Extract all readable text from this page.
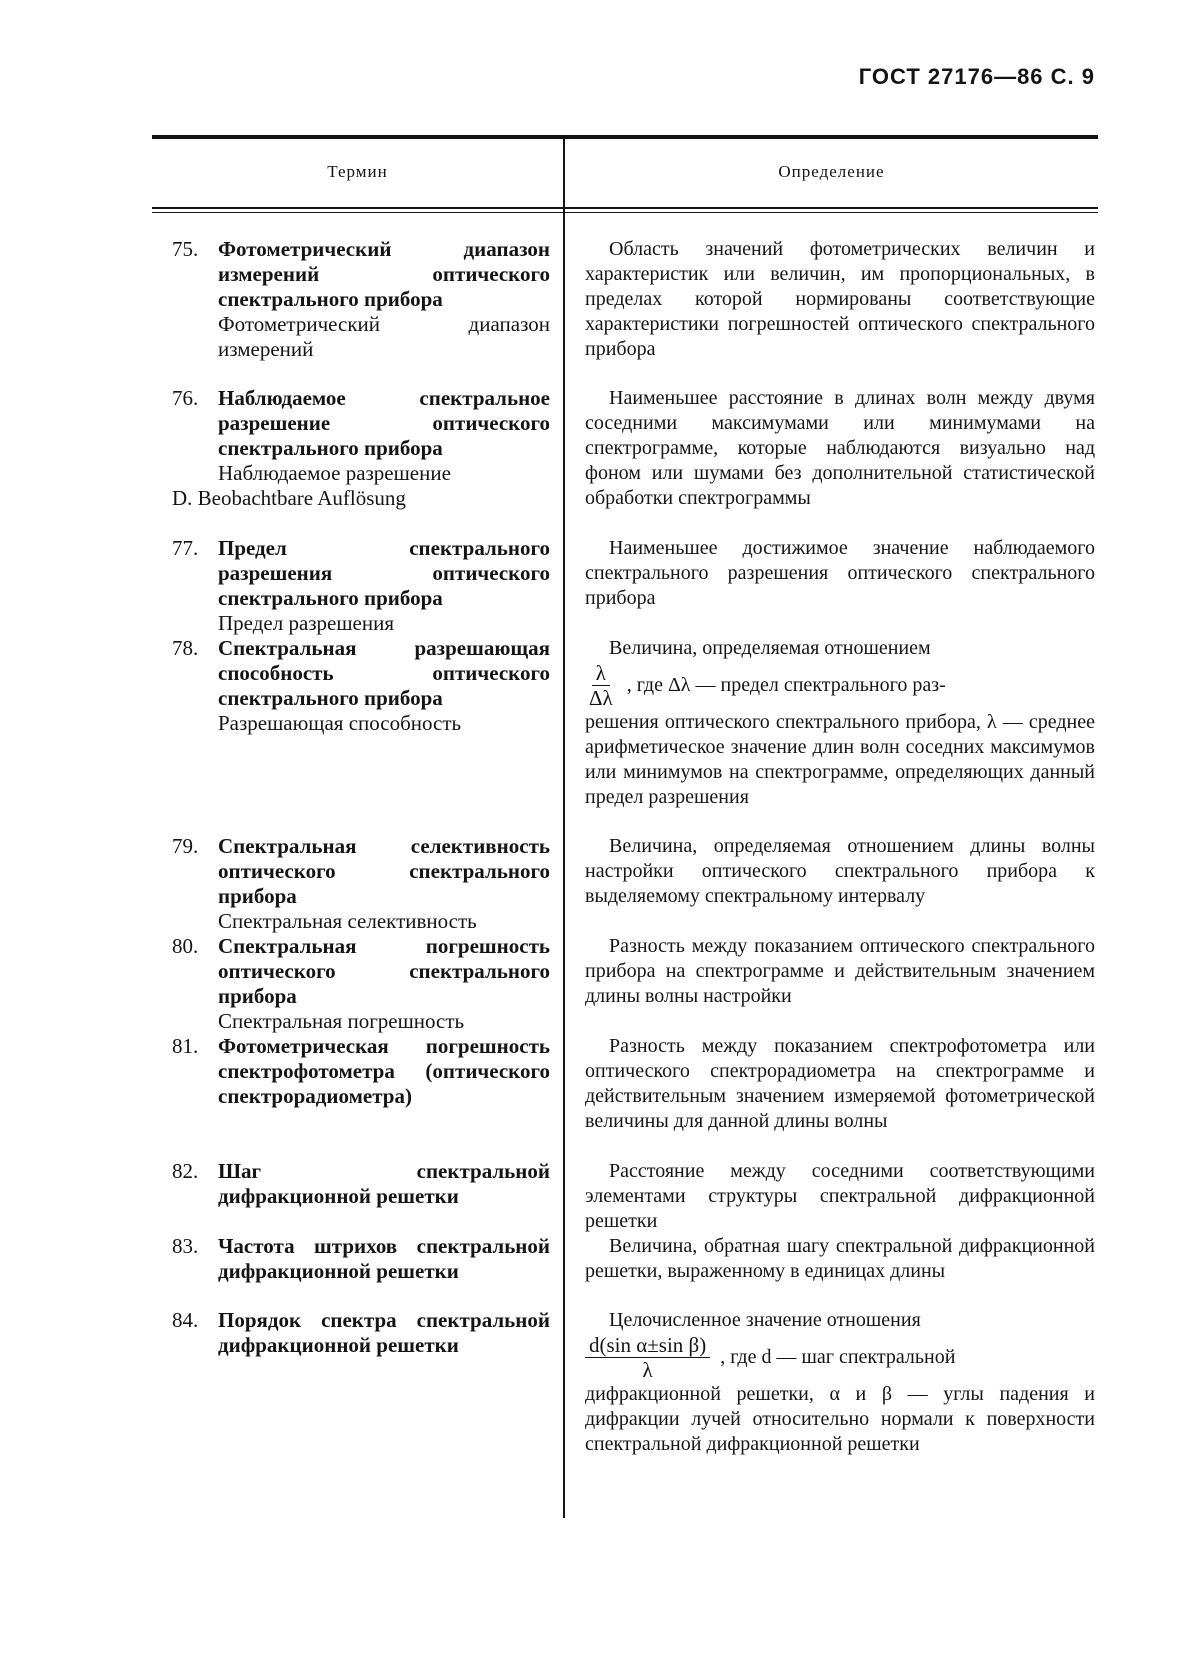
ГОСТ 27176—86 С. 9
Термин	Определение
75. Фотометрический диапазон измерений оптического спектрального прибора
Фотометрический диапазон измерений
Область значений фотометрических величин и характеристик или величин, им пропорциональных, в пределах которой нормированы соответствующие характеристики погрешностей оптического спектрального прибора
76. Наблюдаемое спектральное разрешение оптического спектрального прибора
Наблюдаемое разрешение
D. Beobachtbare Auflösung
Наименьшее расстояние в длинах волн между двумя соседними максимумами или минимумами на спектрограмме, которые наблюдаются визуально над фоном или шумами без дополнительной статистической обработки спектрограммы
77. Предел спектрального разрешения оптического спектрального прибора
Предел разрешения
Наименьшее достижимое значение наблюдаемого спектрального разрешения оптического спектрального прибора
78. Спектральная разрешающая способность оптического спектрального прибора
Разрешающая способность
Величина, определяемая отношением
$\frac{\lambda}{\Delta\lambda}$ , где Δλ — предел спектрального раз-
решения оптического спектрального прибора, λ — среднее арифметическое значение длин волн соседних максимумов или минимумов на спектрограмме, определяющих данный предел разрешения
79. Спектральная селективность оптического спектрального прибора
Спектральная селективность
Величина, определяемая отношением длины волны настройки оптического спектрального прибора к выделяемому спектральному интервалу
80. Спектральная погрешность оптического спектрального прибора
Спектральная погрешность
Разность между показанием оптического спектрального прибора на спектрограмме и действительным значением длины волны настройки
81. Фотометрическая погрешность спектрофотометра (оптического спектрорадиометра)
Разность между показанием спектрофотометра или оптического спектрорадиометра на спектрограмме и действительным значением измеряемой фотометрической величины для данной длины волны
82. Шаг спектральной дифракционной решетки
Расстояние между соседними соответствующими элементами структуры спектральной дифракционной решетки
83. Частота штрихов спектральной дифракционной решетки
Величина, обратная шагу спектральной дифракционной решетки, выраженному в единицах длины
84. Порядок спектра спектральной дифракционной решетки
Целочисленное значение отношения
$\frac{\text{d(sin α±sin β)}}{\lambda}$ , где d — шаг спектральной
дифракционной решетки, α и β — углы падения и дифракции лучей относительно нормали к поверхности спектральной дифракционной решетки
